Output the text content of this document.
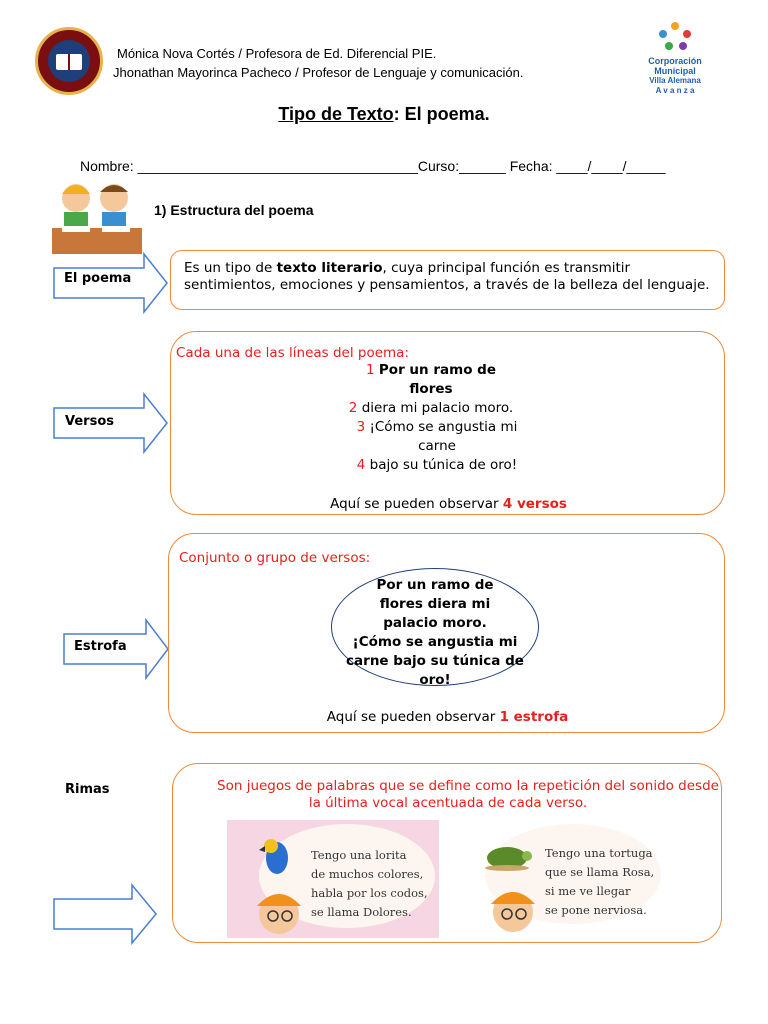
Mónica Nova Cortés / Profesora de Ed. Diferencial PIE.
Jhonathan Mayorinca Pacheco / Profesor de Lenguaje y comunicación.
Corporación
Municipal
Villa Alemana
A v a n z a
Tipo de Texto: El poema.
Nombre: ____________________________________Curso:______ Fecha: ____/____/_____
1) Estructura del poema
El poema
Es un tipo de texto literario, cuya principal función es transmitir
sentimientos, emociones y pensamientos, a través de la belleza del lenguaje.
Versos
Cada una de las líneas del poema:
1 Por un ramo de
flores
2 diera mi palacio moro.
3 ¡Cómo se angustia mi
carne
4 bajo su túnica de oro!
Aquí se pueden observar 4 versos
Estrofa
Conjunto o grupo de versos:
Por un ramo de
flores diera mi
palacio moro.
¡Cómo se angustia mi
carne bajo su túnica de
oro!
Aquí se pueden observar 1 estrofa
Rimas	Son juegos de palabras que se define como la repetición del sonido desde
la última vocal acentuada de cada verso.
Tengo una lorita
de muchos colores,
habla por los codos,
se llama Dolores.
Tengo una tortuga
que se llama Rosa,
si me ve llegar
se pone nerviosa.
